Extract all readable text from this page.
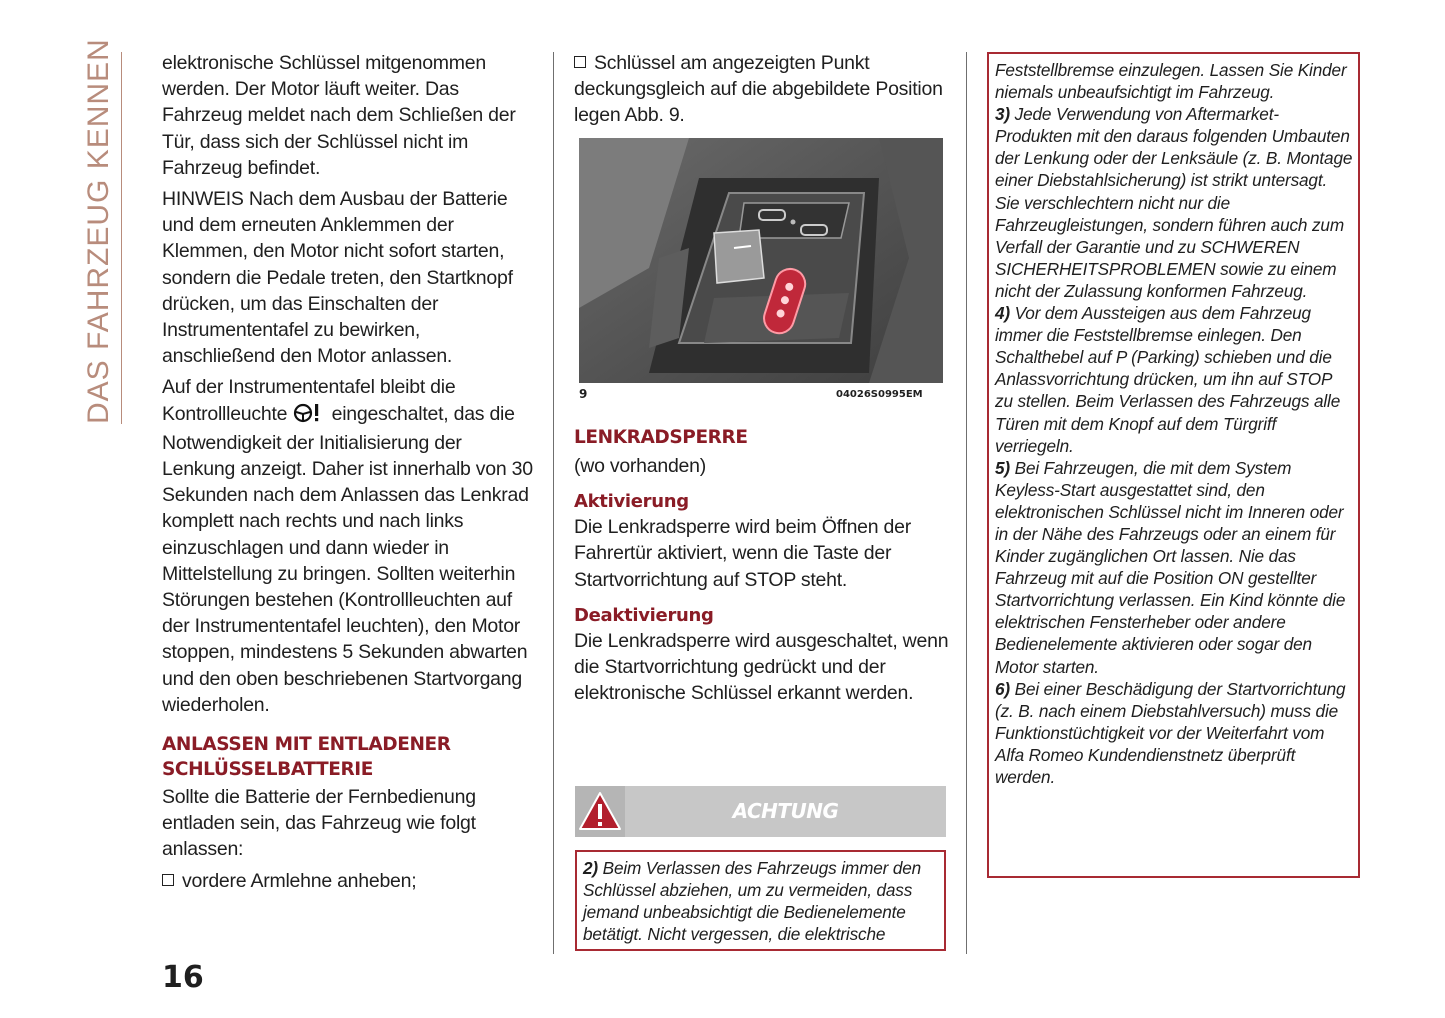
DAS FAHRZEUG KENNEN	elektronische Schlüssel mitgenommen werden. Der Motor läuft weiter. Das Fahrzeug meldet nach dem Schließen der Tür, dass sich der Schlüssel nicht im Fahrzeug befindet.

HINWEIS Nach dem Ausbau der Batterie und dem erneuten Anklemmen der Klemmen, den Motor nicht sofort starten, sondern die Pedale treten, den Startknopf drücken, um das Einschalten der Instrumententafel zu bewirken, anschließend den Motor anlassen.

Auf der Instrumententafel bleibt die Kontrollleuchte eingeschaltet, das die Notwendigkeit der Initialisierung der Lenkung anzeigt. Daher ist innerhalb von 30 Sekunden nach dem Anlassen das Lenkrad komplett nach rechts und nach links einzuschlagen und dann wieder in Mittelstellung zu bringen. Sollten weiterhin Störungen bestehen (Kontrollleuchten auf der Instrumententafel leuchten), den Motor stoppen, mindestens 5 Sekunden abwarten und den oben beschriebenen Startvorgang wiederholen.

ANLASSEN MIT ENTLADENER SCHLÜSSELBATTERIE

Sollte die Batterie der Fernbedienung entladen sein, das Fahrzeug wie folgt anlassen:

vordere Armlehne anheben;

Schlüssel am angezeigten Punkt deckungsgleich auf die abgebildete Position legen Abb. 9.

9	04026S0995EM
LENKRADSPERRE

(wo vorhanden)

Aktivierung

Die Lenkradsperre wird beim Öffnen der Fahrertür aktiviert, wenn die Taste der Startvorrichtung auf STOP steht.

Deaktivierung

Die Lenkradsperre wird ausgeschaltet, wenn die Startvorrichtung gedrückt und der elektronische Schlüssel erkannt werden.

ACHTUNG

2) Beim Verlassen des Fahrzeugs immer den Schlüssel abziehen, um zu vermeiden, dass jemand unbeabsichtigt die Bedienelemente betätigt. Nicht vergessen, die elektrische

Feststellbremse einzulegen. Lassen Sie Kinder niemals unbeaufsichtigt im Fahrzeug.

3) Jede Verwendung von Aftermarket-Produkten mit den daraus folgenden Umbauten der Lenkung oder der Lenksäule (z. B. Montage einer Diebstahlsicherung) ist strikt untersagt. Sie verschlechtern nicht nur die Fahrzeugleistungen, sondern führen auch zum Verfall der Garantie und zu SCHWEREN SICHERHEITSPROBLEMEN sowie zu einem nicht der Zulassung konformen Fahrzeug.

4) Vor dem Aussteigen aus dem Fahrzeug immer die Feststellbremse einlegen. Den Schalthebel auf P (Parking) schieben und die Anlassvorrichtung drücken, um ihn auf STOP zu stellen. Beim Verlassen des Fahrzeugs alle Türen mit dem Knopf auf dem Türgriff verriegeln.

5) Bei Fahrzeugen, die mit dem System Keyless-Start ausgestattet sind, den elektronischen Schlüssel nicht im Inneren oder in der Nähe des Fahrzeugs oder an einem für Kinder zugänglichen Ort lassen. Nie das Fahrzeug mit auf die Position ON gestellter Startvorrichtung verlassen. Ein Kind könnte die elektrischen Fensterheber oder andere Bedienelemente aktivieren oder sogar den Motor starten.

6) Bei einer Beschädigung der Startvorrichtung (z. B. nach einem Diebstahlversuch) muss die Funktionstüchtigkeit vor der Weiterfahrt vom Alfa Romeo Kundendienstnetz überprüft werden.

16
